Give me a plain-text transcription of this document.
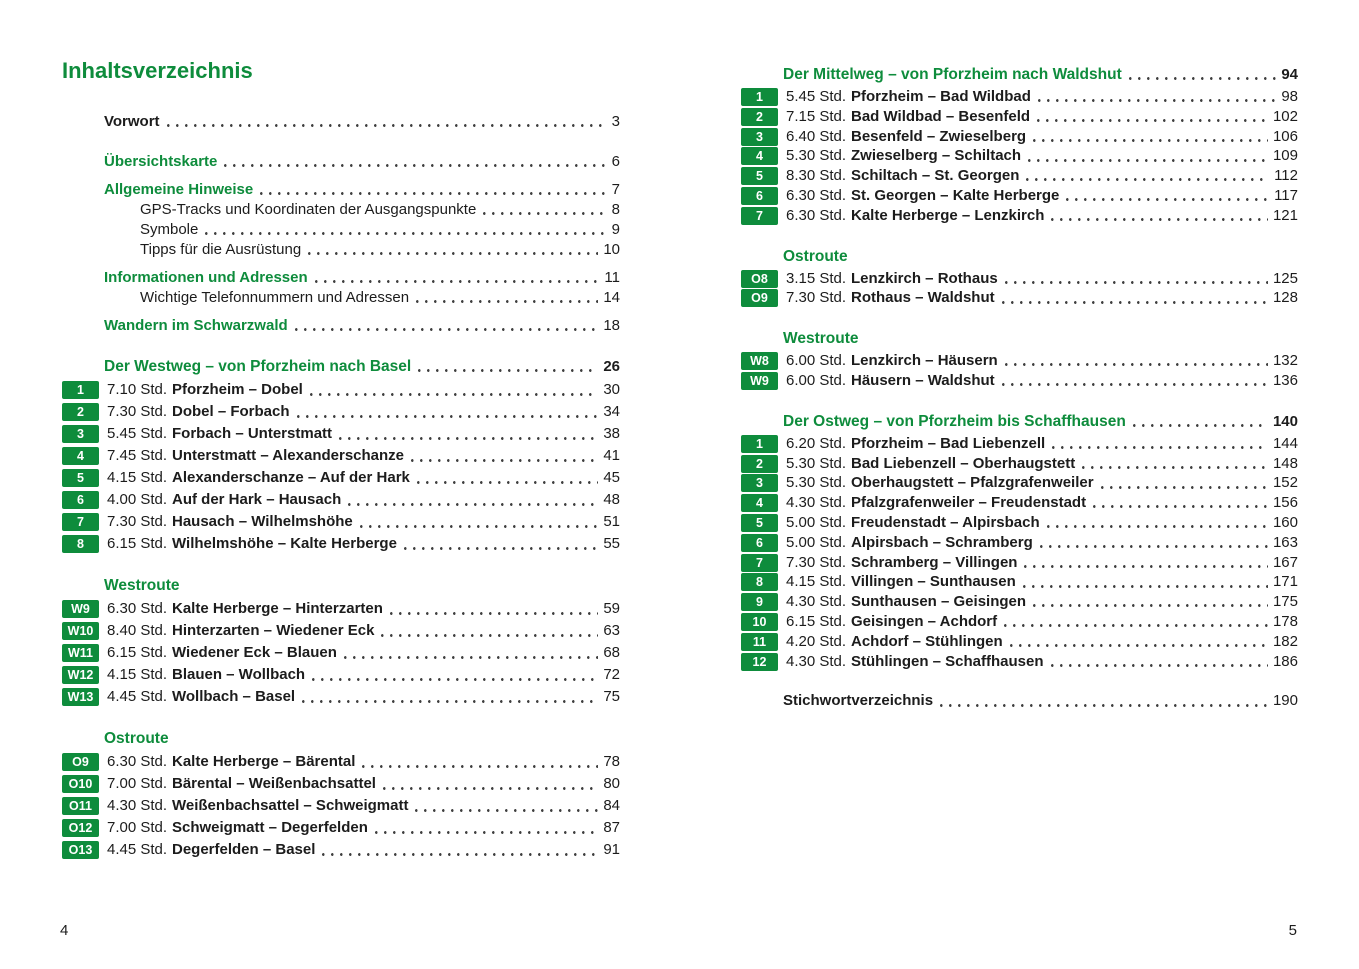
Inhaltsverzeichnis
Vorwort	3
Übersichtskarte	6
Allgemeine Hinweise	7
GPS-Tracks und Koordinaten der Ausgangspunkte	8
Symbole	9
Tipps für die Ausrüstung	10
Informationen und Adressen	11
Wichtige Telefonnummern und Adressen	14
Wandern im Schwarzwald	18
Der Westweg – von Pforzheim nach Basel	26
1	7.10 Std. Pforzheim – Dobel	30
2	7.30 Std. Dobel – Forbach	34
3	5.45 Std. Forbach – Unterstmatt	38
4	7.45 Std. Unterstmatt – Alexanderschanze	41
5	4.15 Std. Alexanderschanze – Auf der Hark	45
6	4.00 Std. Auf der Hark – Hausach	48
7	7.30 Std. Hausach – Wilhelmshöhe	51
8	6.15 Std. Wilhelmshöhe – Kalte Herberge	55
Westroute
W9	6.30 Std. Kalte Herberge – Hinterzarten	59
W10 8.40 Std. Hinterzarten – Wiedener Eck	63
W11 6.15 Std. Wiedener Eck – Blauen	68
W12 4.15 Std. Blauen – Wollbach	72
W13 4.45 Std. Wollbach – Basel	75
Ostroute
O9	6.30 Std. Kalte Herberge – Bärental	78
O10 7.00 Std. Bärental – Weißenbachsattel	80
O11	4.30 Std. Weißenbachsattel – Schweigmatt	84
O12 7.00 Std. Schweigmatt – Degerfelden	87
O13 4.45 Std. Degerfelden – Basel	91
Der Mittelweg – von Pforzheim nach Waldshut	94
1	5.45 Std. Pforzheim – Bad Wildbad	98
2	7.15 Std. Bad Wildbad – Besenfeld	102
3	6.40 Std. Besenfeld – Zwieselberg	106
4	5.30 Std. Zwieselberg – Schiltach	109
5	8.30 Std. Schiltach – St. Georgen	112
6	6.30 Std. St. Georgen – Kalte Herberge	117
7	6.30 Std. Kalte Herberge – Lenzkirch	121
Ostroute
O8	3.15 Std. Lenzkirch – Rothaus	125
O9	7.30 Std. Rothaus – Waldshut	128
Westroute
W8	6.00 Std. Lenzkirch – Häusern	132
W9	6.00 Std. Häusern – Waldshut	136
Der Ostweg – von Pforzheim bis Schaffhausen	140
1	6.20 Std. Pforzheim – Bad Liebenzell	144
2	5.30 Std. Bad Liebenzell – Oberhaugstett	148
3	5.30 Std. Oberhaugstett – Pfalzgrafenweiler	152
4	4.30 Std. Pfalzgrafenweiler – Freudenstadt	156
5	5.00 Std. Freudenstadt – Alpirsbach	160
6	5.00 Std. Alpirsbach – Schramberg	163
7	7.30 Std. Schramberg – Villingen	167
8	4.15 Std. Villingen – Sunthausen	171
9	4.30 Std. Sunthausen – Geisingen	175
10	6.15 Std. Geisingen – Achdorf	178
11	4.20 Std. Achdorf – Stühlingen	182
12	4.30 Std. Stühlingen – Schaffhausen	186
Stichwortverzeichnis	190
4	5
